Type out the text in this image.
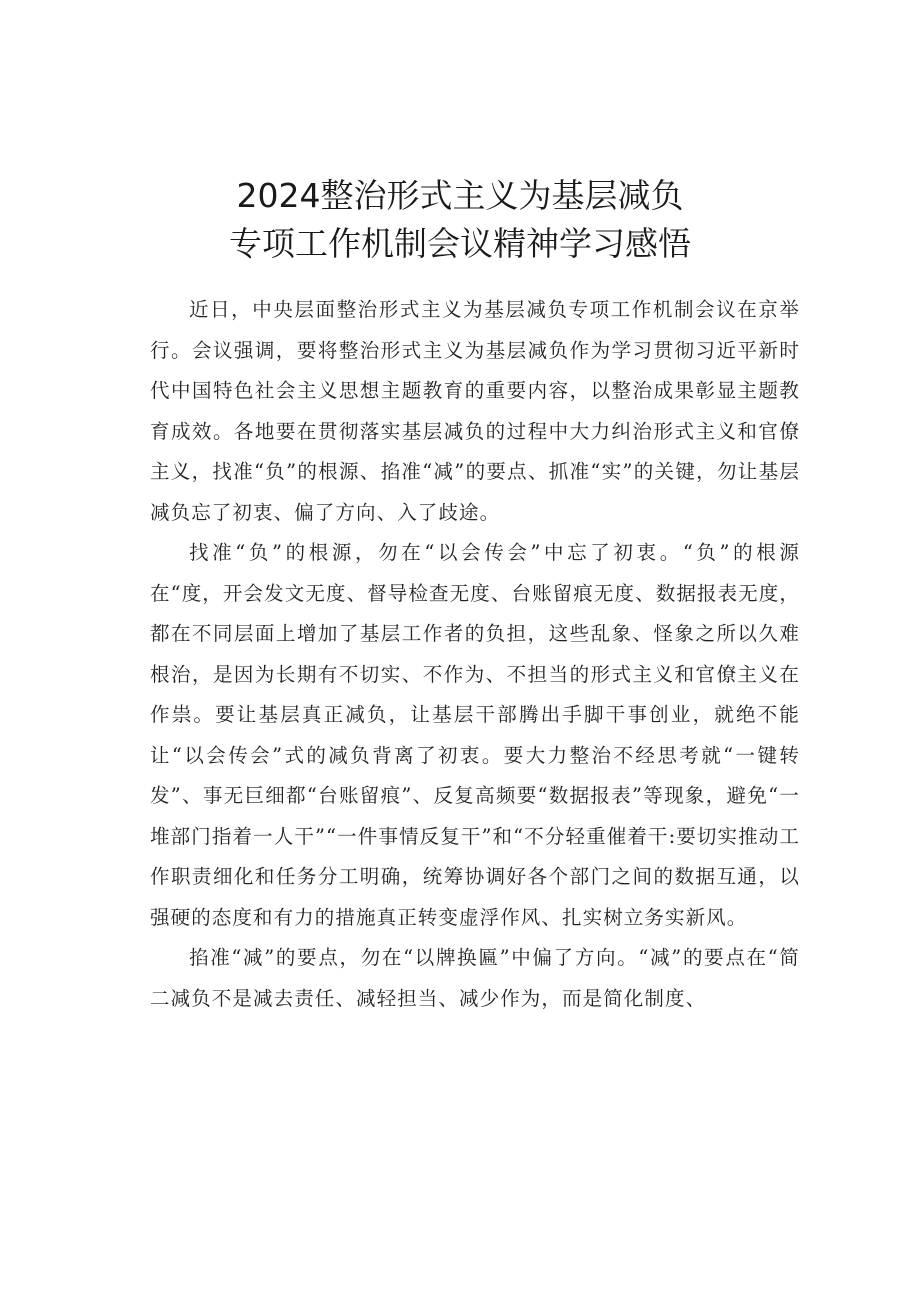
2024整治形式主义为基层减负
专项工作机制会议精神学习感悟

近日，中央层面整治形式主义为基层减负专项工作机制会议在京举行。会议强调，要将整治形式主义为基层减负作为学习贯彻习近平新时代中国特色社会主义思想主题教育的重要内容，以整治成果彰显主题教育成效。各地要在贯彻落实基层减负的过程中大力纠治形式主义和官僚主义，找准“负”的根源、掐准“减”的要点、抓准“实”的关键，勿让基层减负忘了初衷、偏了方向、入了歧途。

找准“负”的根源，勿在“以会传会”中忘了初衷。“负”的根源在“度，开会发文无度、督导检查无度、台账留痕无度、数据报表无度，都在不同层面上增加了基层工作者的负担，这些乱象、怪象之所以久难根治，是因为长期有不切实、不作为、不担当的形式主义和官僚主义在作祟。要让基层真正减负，让基层干部腾出手脚干事创业，就绝不能让“以会传会”式的减负背离了初衷。要大力整治不经思考就“一键转发”、事无巨细都“台账留痕”、反复高频要“数据报表”等现象，避免“一堆部门指着一人干”“一件事情反复干”和“不分轻重催着干:要切实推动工作职责细化和任务分工明确，统筹协调好各个部门之间的数据互通，以强硬的态度和有力的措施真正转变虚浮作风、扎实树立务实新风。

掐准“减”的要点，勿在“以牌换匾”中偏了方向。“减”的要点在“简二减负不是减去责任、减轻担当、减少作为，而是简化制度、
